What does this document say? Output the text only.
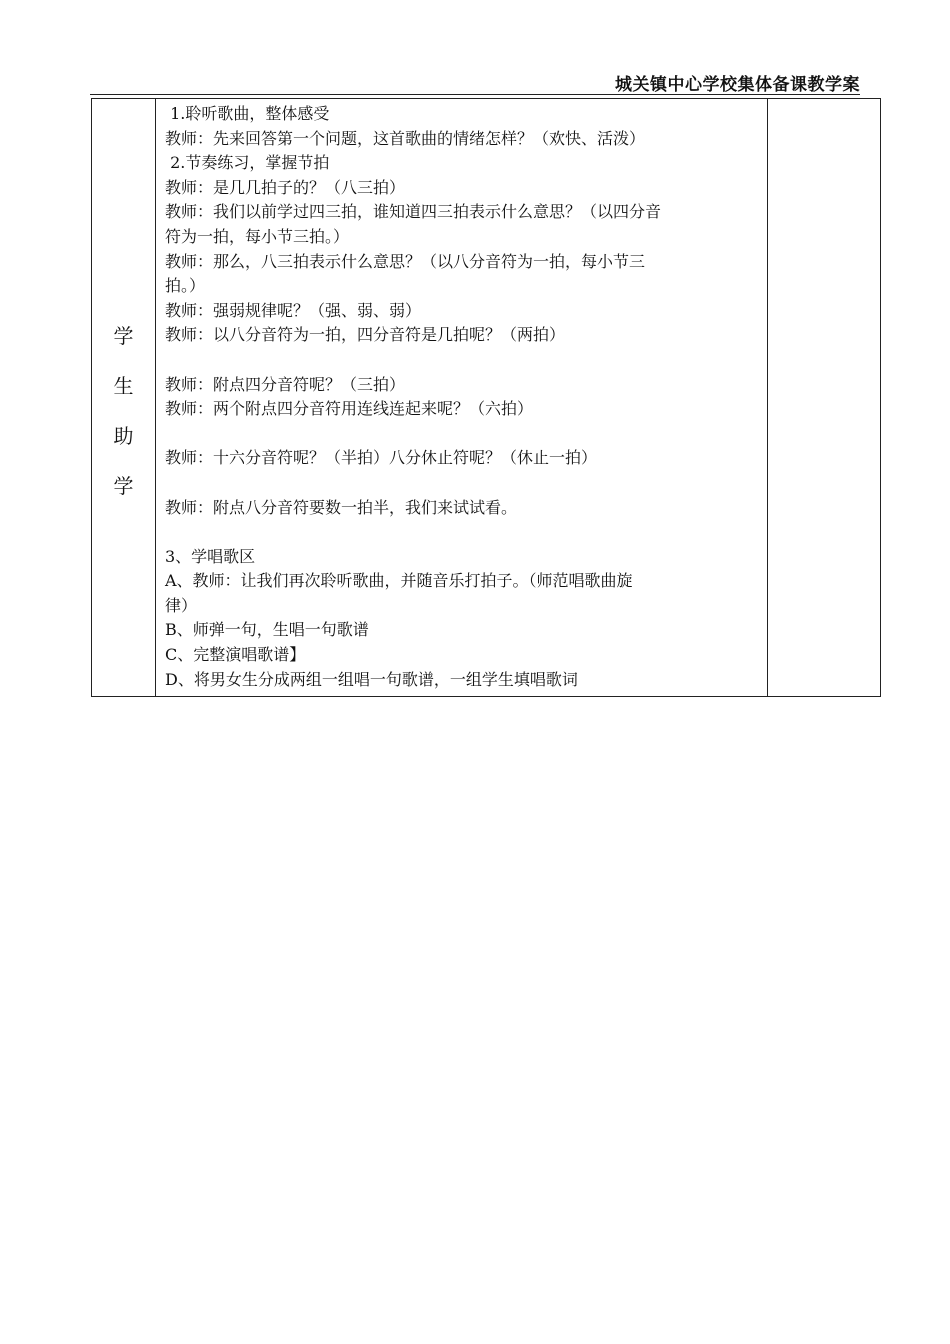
城关镇中心学校集体备课教学案
学
生
助
学

1.聆听歌曲，整体感受

教师：先来回答第一个问题，这首歌曲的情绪怎样？（欢快、活泼）

2.节奏练习，掌握节拍

教师：是几几拍子的？（八三拍）

教师：我们以前学过四三拍，谁知道四三拍表示什么意思？（以四分音

符为一拍，每小节三拍。）

教师：那么，八三拍表示什么意思？（以八分音符为一拍，每小节三

拍。）

教师：强弱规律呢？（强、弱、弱）

教师：以八分音符为一拍，四分音符是几拍呢？（两拍）

教师：附点四分音符呢？（三拍）

教师：两个附点四分音符用连线连起来呢？（六拍）

教师：十六分音符呢？（半拍）八分休止符呢？（休止一拍）

教师：附点八分音符要数一拍半，我们来试试看。

3、学唱歌区

A、教师：让我们再次聆听歌曲，并随音乐打拍子。（师范唱歌曲旋

律）

B、师弹一句，生唱一句歌谱

C、完整演唱歌谱】

D、将男女生分成两组一组唱一句歌谱，一组学生填唱歌词
